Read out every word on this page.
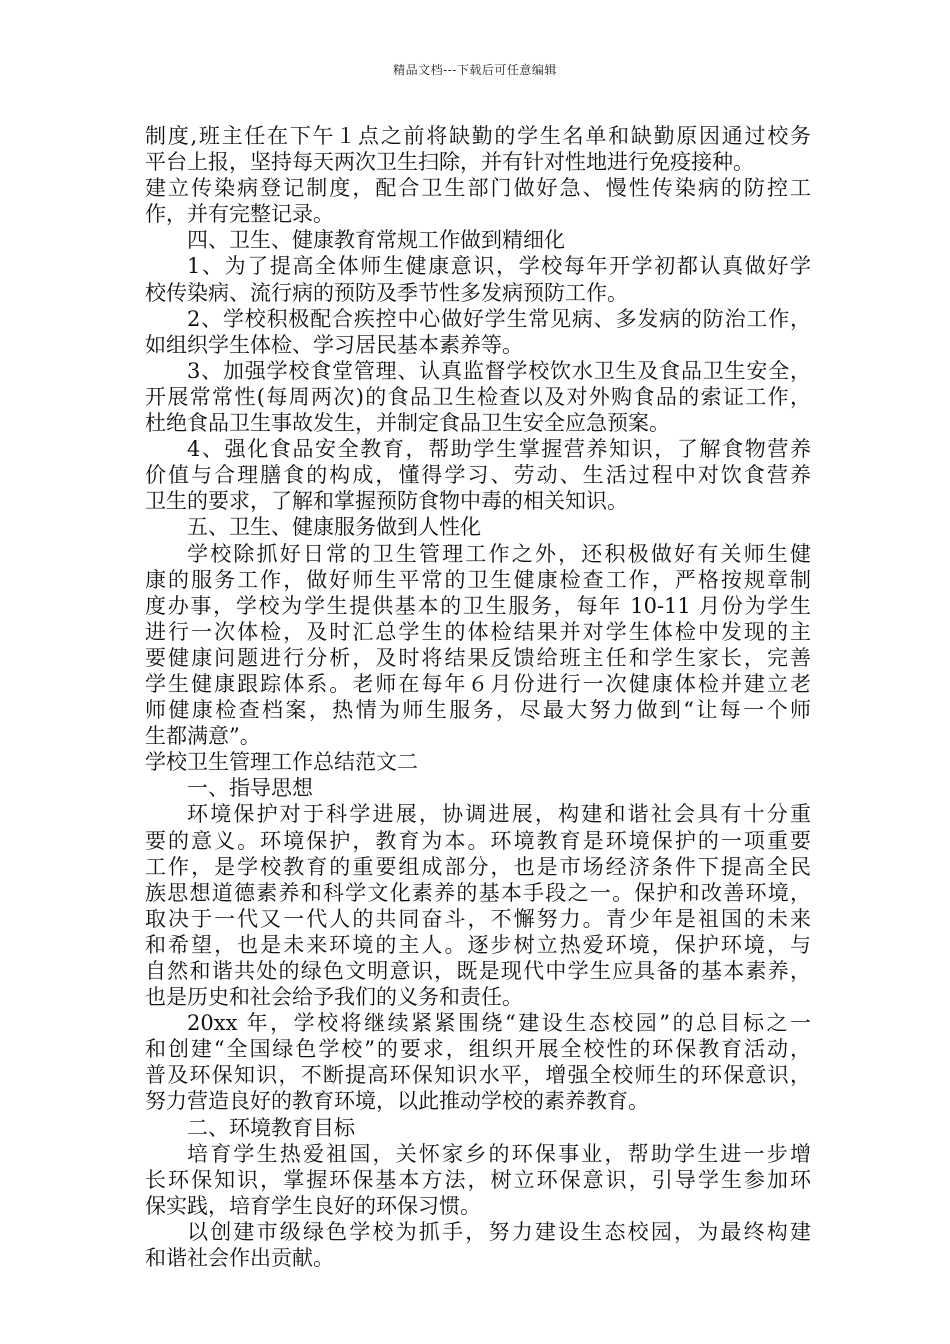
精品文档---下载后可任意编辑
制度,班主任在下午１点之前将缺勤的学生名单和缺勤原因通过校务
平台上报，坚持每天两次卫生扫除，并有针对性地进行免疫接种。
建立传染病登记制度，配合卫生部门做好急、慢性传染病的防控工
作，并有完整记录。
四、卫生、健康教育常规工作做到精细化
1、为了提高全体师生健康意识，学校每年开学初都认真做好学
校传染病、流行病的预防及季节性多发病预防工作。
2、学校积极配合疾控中心做好学生常见病、多发病的防治工作，
如组织学生体检、学习居民基本素养等。
3、加强学校食堂管理、认真监督学校饮水卫生及食品卫生安全，
开展常常性(每周两次)的食品卫生检查以及对外购食品的索证工作，
杜绝食品卫生事故发生，并制定食品卫生安全应急预案。
4、强化食品安全教育，帮助学生掌握营养知识，了解食物营养
价值与合理膳食的构成，懂得学习、劳动、生活过程中对饮食营养
卫生的要求，了解和掌握预防食物中毒的相关知识。
五、卫生、健康服务做到人性化
学校除抓好日常的卫生管理工作之外，还积极做好有关师生健
康的服务工作，做好师生平常的卫生健康检查工作，严格按规章制
度办事，学校为学生提供基本的卫生服务，每年 10-11 月份为学生
进行一次体检，及时汇总学生的体检结果并对学生体检中发现的主
要健康问题进行分析，及时将结果反馈给班主任和学生家长，完善
学生健康跟踪体系。老师在每年６月份进行一次健康体检并建立老
师健康检查档案，热情为师生服务，尽最大努力做到“让每一个师
生都满意”。
学校卫生管理工作总结范文二
一、指导思想
环境保护对于科学进展，协调进展，构建和谐社会具有十分重
要的意义。环境保护，教育为本。环境教育是环境保护的一项重要
工作，是学校教育的重要组成部分，也是市场经济条件下提高全民
族思想道德素养和科学文化素养的基本手段之一。保护和改善环境，
取决于一代又一代人的共同奋斗，不懈努力。青少年是祖国的未来
和希望，也是未来环境的主人。逐步树立热爱环境，保护环境，与
自然和谐共处的绿色文明意识，既是现代中学生应具备的基本素养，
也是历史和社会给予我们的义务和责任。
20xx 年，学校将继续紧紧围绕“建设生态校园”的总目标之一
和创建“全国绿色学校”的要求，组织开展全校性的环保教育活动，
普及环保知识，不断提高环保知识水平，增强全校师生的环保意识，
努力营造良好的教育环境，以此推动学校的素养教育。
二、环境教育目标
培育学生热爱祖国，关怀家乡的环保事业，帮助学生进一步增
长环保知识，掌握环保基本方法，树立环保意识，引导学生参加环
保实践，培育学生良好的环保习惯。
以创建市级绿色学校为抓手，努力建设生态校园，为最终构建
和谐社会作出贡献。
